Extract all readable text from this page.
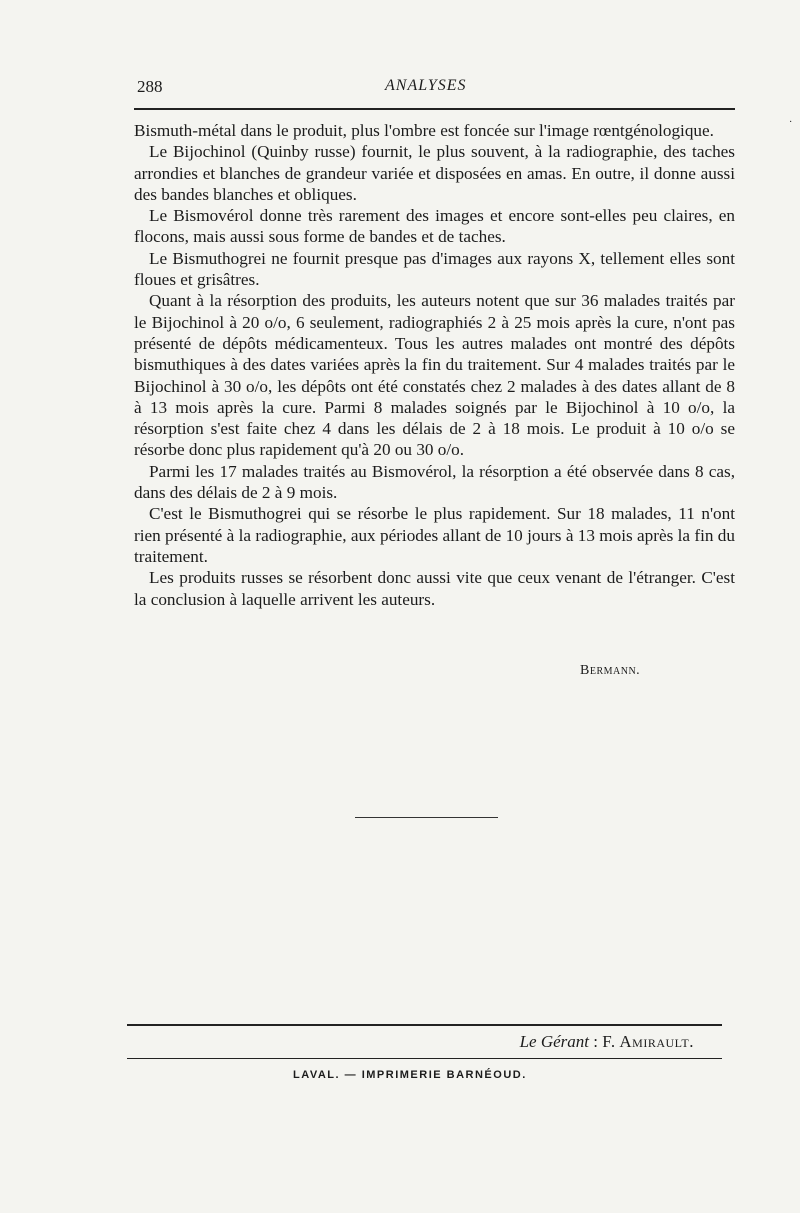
288	ANALYSES
·

Bismuth-métal dans le produit, plus l'ombre est foncée sur l'image rœntgénologique.

Le Bijochinol (Quinby russe) fournit, le plus souvent, à la radiographie, des taches arrondies et blanches de grandeur variée et disposées en amas. En outre, il donne aussi des bandes blanches et obliques.

Le Bismovérol donne très rarement des images et encore sont-elles peu claires, en flocons, mais aussi sous forme de bandes et de taches.

Le Bismuthogrei ne fournit presque pas d'images aux rayons X, tellement elles sont floues et grisâtres.

Quant à la résorption des produits, les auteurs notent que sur 36 malades traités par le Bijochinol à 20 o/o, 6 seulement, radiographiés 2 à 25 mois après la cure, n'ont pas présenté de dépôts médicamenteux. Tous les autres malades ont montré des dépôts bismuthiques à des dates variées après la fin du traitement. Sur 4 malades traités par le Bijochinol à 30 o/o, les dépôts ont été constatés chez 2 malades à des dates allant de 8 à 13 mois après la cure. Parmi 8 malades soignés par le Bijochinol à 10 o/o, la résorption s'est faite chez 4 dans les délais de 2 à 18 mois. Le produit à 10 o/o se résorbe donc plus rapidement qu'à 20 ou 30 o/o.

Parmi les 17 malades traités au Bismovérol, la résorption a été observée dans 8 cas, dans des délais de 2 à 9 mois.

C'est le Bismuthogrei qui se résorbe le plus rapidement. Sur 18 malades, 11 n'ont rien présenté à la radiographie, aux périodes allant de 10 jours à 13 mois après la fin du traitement.

Les produits russes se résorbent donc aussi vite que ceux venant de l'étranger. C'est la conclusion à laquelle arrivent les auteurs.

Bermann.
Le Gérant : F. Amirault.
LAVAL. — IMPRIMERIE BARNÉOUD.
